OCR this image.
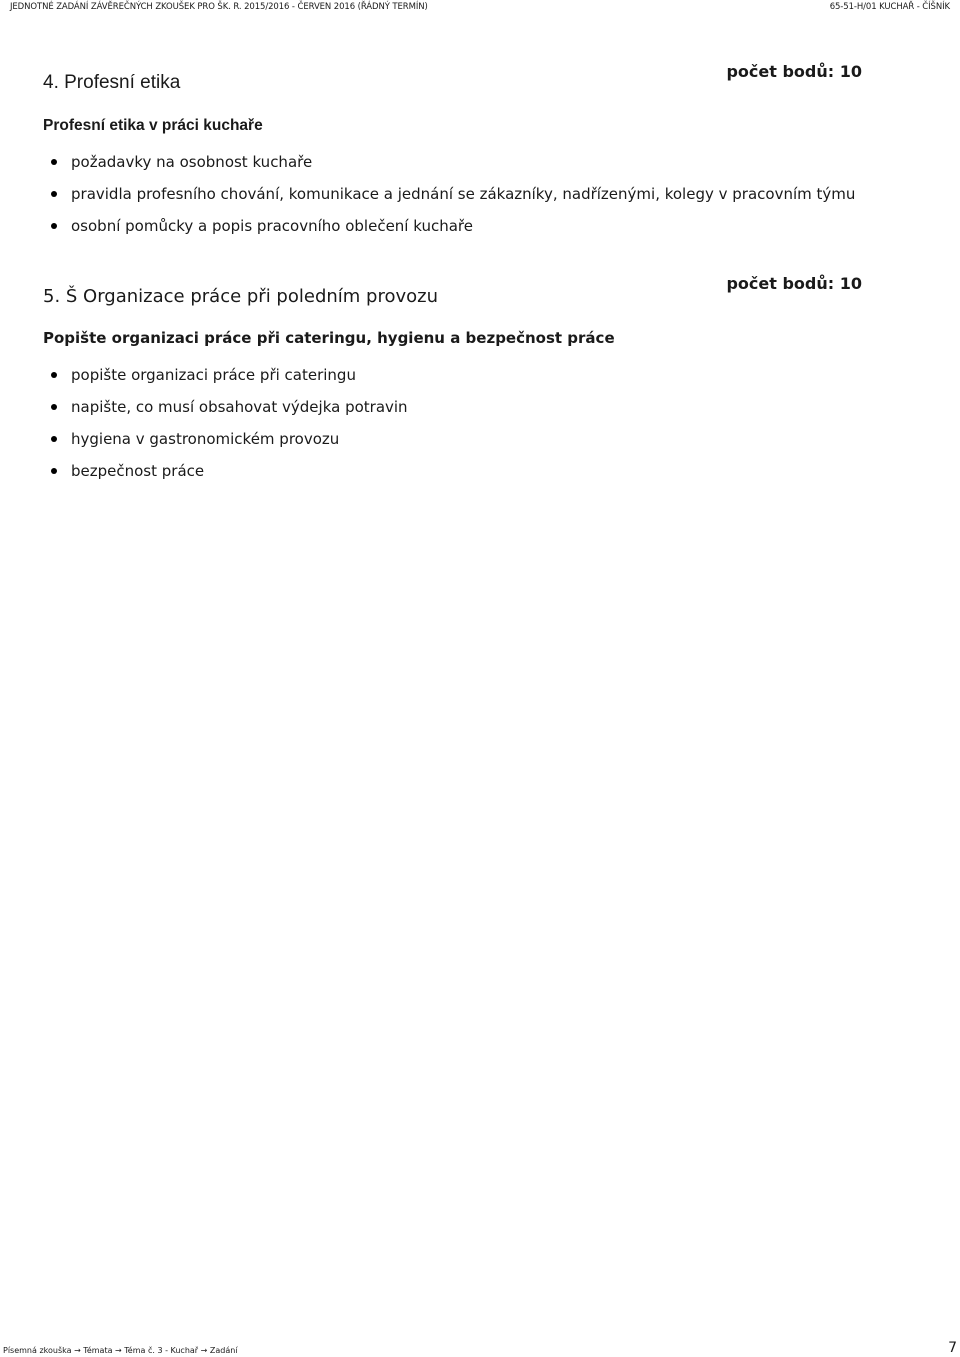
JEDNOTNÉ ZADÁNÍ ZÁVĚREČNÝCH ZKOUŠEK PRO ŠK. R. 2015/2016 - ČERVEN 2016 (ŘÁDNÝ TERMÍN)	65-51-H/01 KUCHAŘ - ČÍŠNÍK
4. Profesní etika
počet bodů: 10
Profesní etika v práci kuchaře
požadavky na osobnost kuchaře
pravidla profesního chování, komunikace a jednání se zákazníky, nadřízenými, kolegy v pracovním týmu
osobní pomůcky a popis pracovního oblečení kuchaře
5. Š Organizace práce při poledním provozu
počet bodů: 10
Popište organizaci práce při cateringu, hygienu a bezpečnost práce
popište organizaci práce při cateringu
napište, co musí obsahovat výdejka potravin
hygiena v gastronomickém provozu
bezpečnost práce
Písemná zkouška → Témata → Téma č. 3 - Kuchař → Zadání	7
